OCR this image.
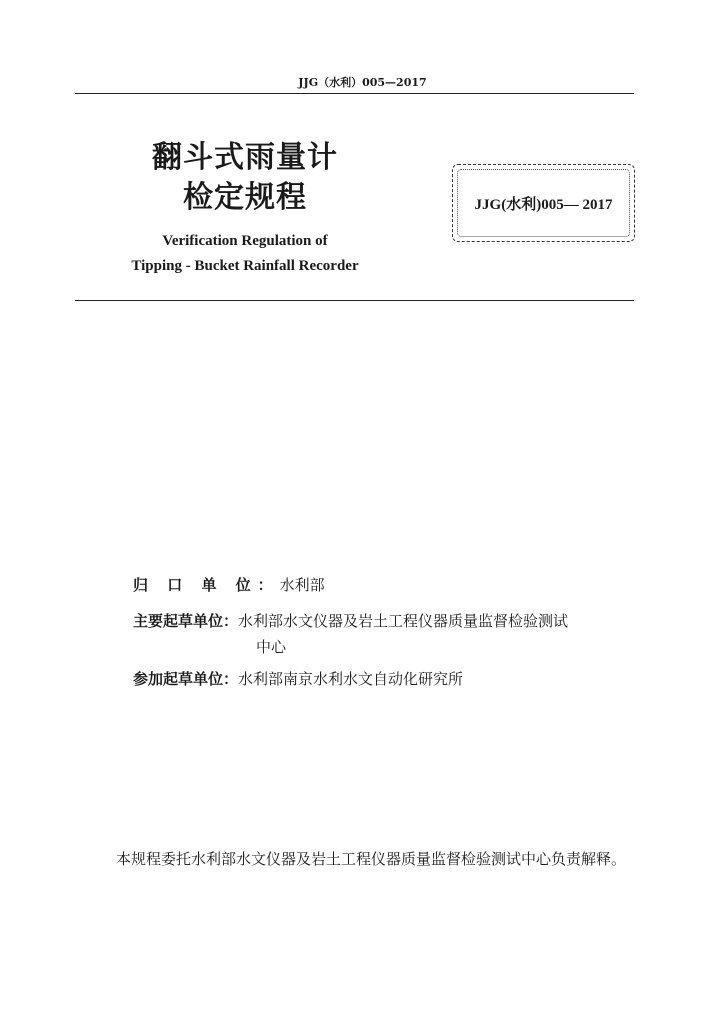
JJG（水利）005—2017
翻斗式雨量计
检定规程
Verification Regulation of
Tipping - Bucket Rainfall Recorder
JJG(水利)005— 2017
归 口 单 位：水利部
主要起草单位：水利部水文仪器及岩土工程仪器质量监督检验测试
中心
参加起草单位：水利部南京水利水文自动化研究所
本规程委托水利部水文仪器及岩土工程仪器质量监督检验测试中心负责解释。
